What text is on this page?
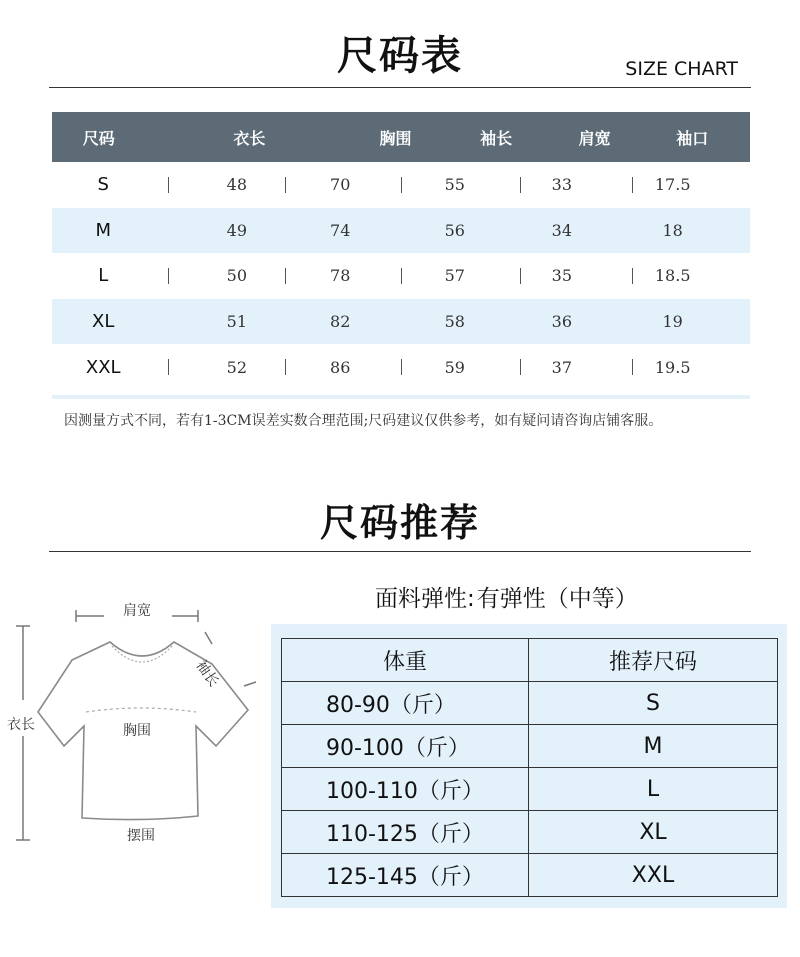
尺码表	SIZE CHART
尺码	衣长	胸围	袖长	肩宽	袖口
S	48	70	55	33	17.5
M	49	74	56	34	18
L	50	78	57	35	18.5
XL	51	82	58	36	19
XXL	52	86	59	37	19.5
因测量方式不同，若有1-3CM误差实数合理范围;尺码建议仅供参考，如有疑问请咨询店铺客服。
尺码推荐
面料弹性:有弹性（中等）
肩宽
袖长
衣长	胸围
摆围
体重	推荐尺码
80-90（斤）	S
90-100（斤）	M
100-110（斤）	L
110-125（斤）	XL
125-145（斤）	XXL
